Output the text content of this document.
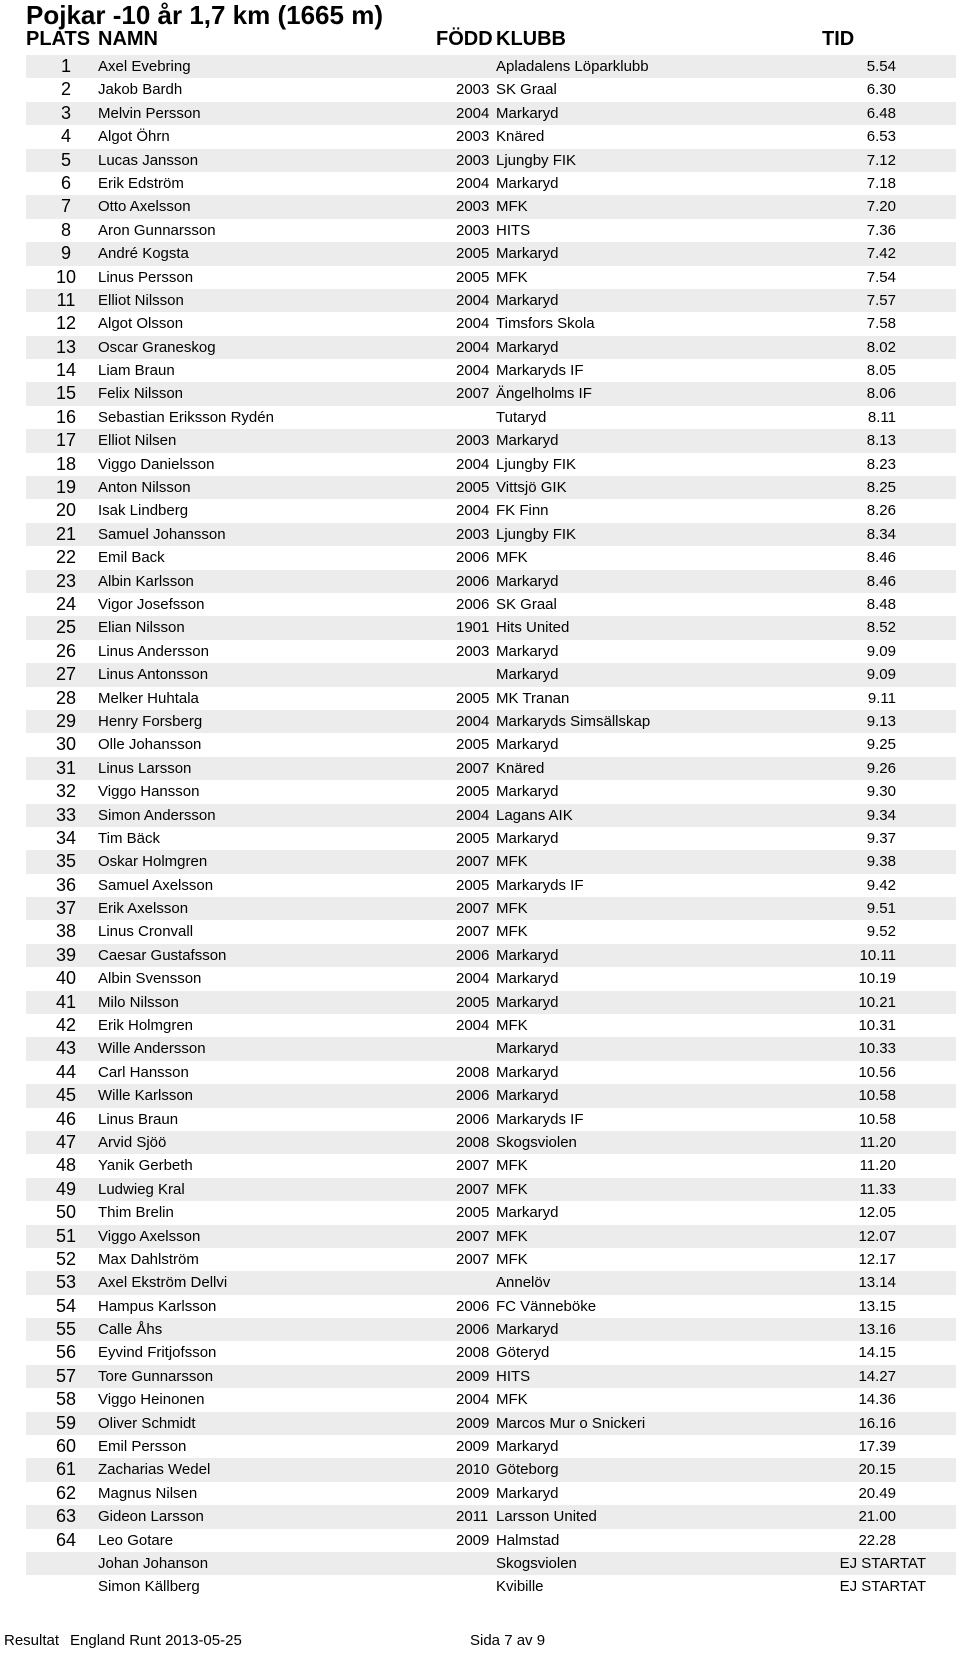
Pojkar -10 år 1,7 km (1665 m)
PLATS NAMN	FÖDD KLUBB	TID
1	Axel Evebring	Apladalens Löparklubb	5.54
2	Jakob Bardh	2003 SK Graal	6.30
3	Melvin Persson	2004 Markaryd	6.48
4	Algot Öhrn	2003 Knäred	6.53
5	Lucas Jansson	2003 Ljungby FIK	7.12
6	Erik Edström	2004 Markaryd	7.18
7	Otto Axelsson	2003 MFK	7.20
8	Aron Gunnarsson	2003 HITS	7.36
9	André Kogsta	2005 Markaryd	7.42
10	Linus Persson	2005 MFK	7.54
11	Elliot Nilsson	2004 Markaryd	7.57
12	Algot Olsson	2004 Timsfors Skola	7.58
13	Oscar Graneskog	2004 Markaryd	8.02
14	Liam Braun	2004 Markaryds IF	8.05
15	Felix Nilsson	2007 Ängelholms IF	8.06
16	Sebastian Eriksson Rydén	Tutaryd	8.11
17	Elliot Nilsen	2003 Markaryd	8.13
18	Viggo Danielsson	2004 Ljungby FIK	8.23
19	Anton Nilsson	2005 Vittsjö GIK	8.25
20	Isak Lindberg	2004 FK Finn	8.26
21	Samuel Johansson	2003 Ljungby FIK	8.34
22	Emil Back	2006 MFK	8.46
23	Albin Karlsson	2006 Markaryd	8.46
24	Vigor Josefsson	2006 SK Graal	8.48
25	Elian Nilsson	1901 Hits United	8.52
26	Linus Andersson	2003 Markaryd	9.09
27	Linus Antonsson	Markaryd	9.09
28	Melker Huhtala	2005 MK Tranan	9.11
29	Henry Forsberg	2004 Markaryds Simsällskap	9.13
30	Olle Johansson	2005 Markaryd	9.25
31	Linus Larsson	2007 Knäred	9.26
32	Viggo Hansson	2005 Markaryd	9.30
33	Simon Andersson	2004 Lagans AIK	9.34
34	Tim Bäck	2005 Markaryd	9.37
35	Oskar Holmgren	2007 MFK	9.38
36	Samuel Axelsson	2005 Markaryds IF	9.42
37	Erik Axelsson	2007 MFK	9.51
38	Linus Cronvall	2007 MFK	9.52
39	Caesar Gustafsson	2006 Markaryd	10.11
40	Albin Svensson	2004 Markaryd	10.19
41	Milo Nilsson	2005 Markaryd	10.21
42	Erik Holmgren	2004 MFK	10.31
43	Wille Andersson	Markaryd	10.33
44	Carl Hansson	2008 Markaryd	10.56
45	Wille Karlsson	2006 Markaryd	10.58
46	Linus Braun	2006 Markaryds IF	10.58
47	Arvid Sjöö	2008 Skogsviolen	11.20
48	Yanik Gerbeth	2007 MFK	11.20
49	Ludwieg Kral	2007 MFK	11.33
50	Thim Brelin	2005 Markaryd	12.05
51	Viggo Axelsson	2007 MFK	12.07
52	Max Dahlström	2007 MFK	12.17
53	Axel Ekström Dellvi	Annelöv	13.14
54	Hampus Karlsson	2006 FC Vänneböke	13.15
55	Calle Åhs	2006 Markaryd	13.16
56	Eyvind Fritjofsson	2008 Göteryd	14.15
57	Tore Gunnarsson	2009 HITS	14.27
58	Viggo Heinonen	2004 MFK	14.36
59	Oliver Schmidt	2009 Marcos Mur o Snickeri	16.16
60	Emil Persson	2009 Markaryd	17.39
61	Zacharias Wedel	2010 Göteborg	20.15
62	Magnus Nilsen	2009 Markaryd	20.49
63	Gideon Larsson	2011 Larsson United	21.00
64	Leo Gotare	2009 Halmstad	22.28
Johan Johanson	Skogsviolen	EJ STARTAT
Simon Källberg	Kvibille	EJ STARTAT
Resultat England Runt 2013-05-25	Sida 7 av 9
